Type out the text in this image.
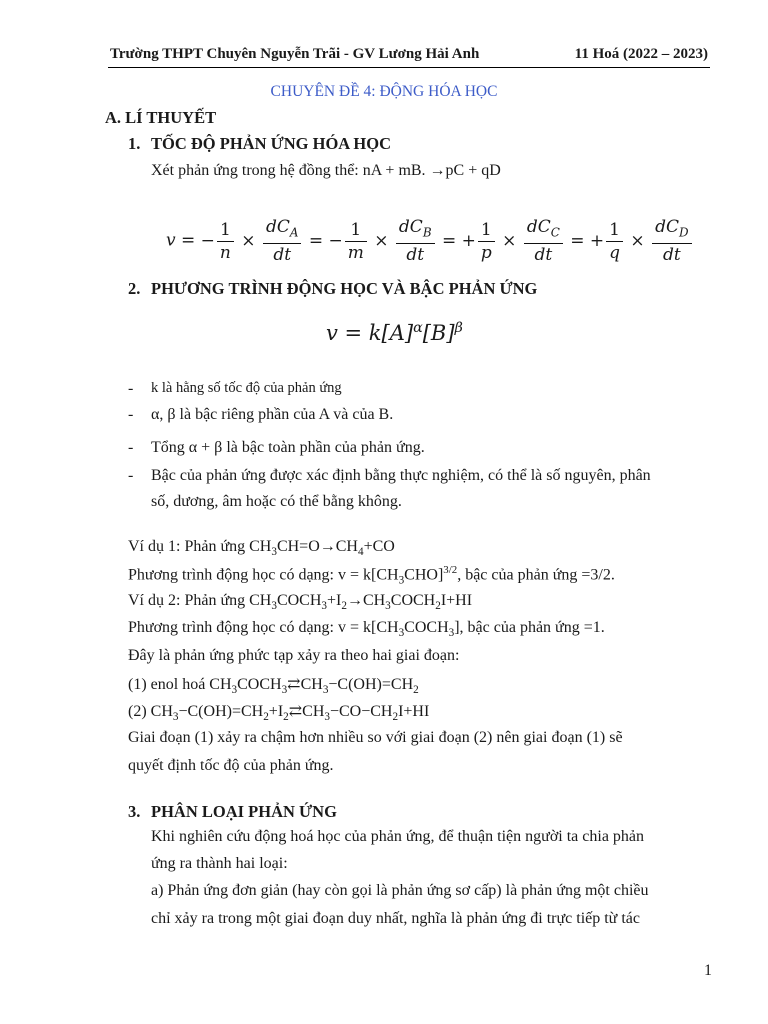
Trường THPT Chuyên Nguyễn Trãi - GV Lương Hải Anh	11 Hoá (2022 – 2023)
CHUYÊN ĐỀ 4: ĐỘNG HÓA HỌC
A. LÍ THUYẾT
1. TỐC ĐỘ PHẢN ỨNG HÓA HỌC
Xét phản ứng trong hệ đồng thể: nA + mB. →pC + qD
v = − $\frac{1}{n} \times \frac{dC_A}{dt}$ = − $\frac{1}{m} \times \frac{dC_B}{dt}$ = + $\frac{1}{p} \times \frac{dC_C}{dt}$ = + $\frac{1}{q} \times \frac{dC_D}{dt}$
2. PHƯƠNG TRÌNH ĐỘNG HỌC VÀ BẬC PHẢN ỨNG
$v = k[A]^\alpha[B]^\beta$
- k là hằng số tốc độ của phản ứng
- α, β là bậc riêng phần của A và của B.
- Tổng α + β là bậc toàn phần của phản ứng.
- Bậc của phản ứng được xác định bằng thực nghiệm, có thể là số nguyên, phân
số, dương, âm hoặc có thể bằng không.
Ví dụ 1: Phản ứng $CH_3CH=O\to CH_4+CO$
Phương trình động học có dạng: $v = k[CH_3CHO]^{3/2}$, bậc của phản ứng =3/2.
Ví dụ 2: Phản ứng $CH_3COCH_3+I_2\to CH_3COCH_2I+HI$
Phương trình động học có dạng: $v = k[CH_3COCH_3]$, bậc của phản ứng =1.
Đây là phản ứng phức tạp xảy ra theo hai giai đoạn:
(1) enol hoá $CH_3COCH_3⇄CH_3-C(OH)=CH_2$
(2) $CH_3-C(OH)=CH_2+I_2⇄CH_3-CO-CH_2I+HI$
Giai đoạn (1) xảy ra chậm hơn nhiều so với giai đoạn (2) nên giai đoạn (1) sẽ
quyết định tốc độ của phản ứng.
3. PHÂN LOẠI PHẢN ỨNG
Khi nghiên cứu động hoá học của phản ứng, để thuận tiện người ta chia phản
ứng ra thành hai loại:
a) Phản ứng đơn giản (hay còn gọi là phản ứng sơ cấp) là phản ứng một chiều
chỉ xảy ra trong một giai đoạn duy nhất, nghĩa là phản ứng đi trực tiếp từ tác
1
